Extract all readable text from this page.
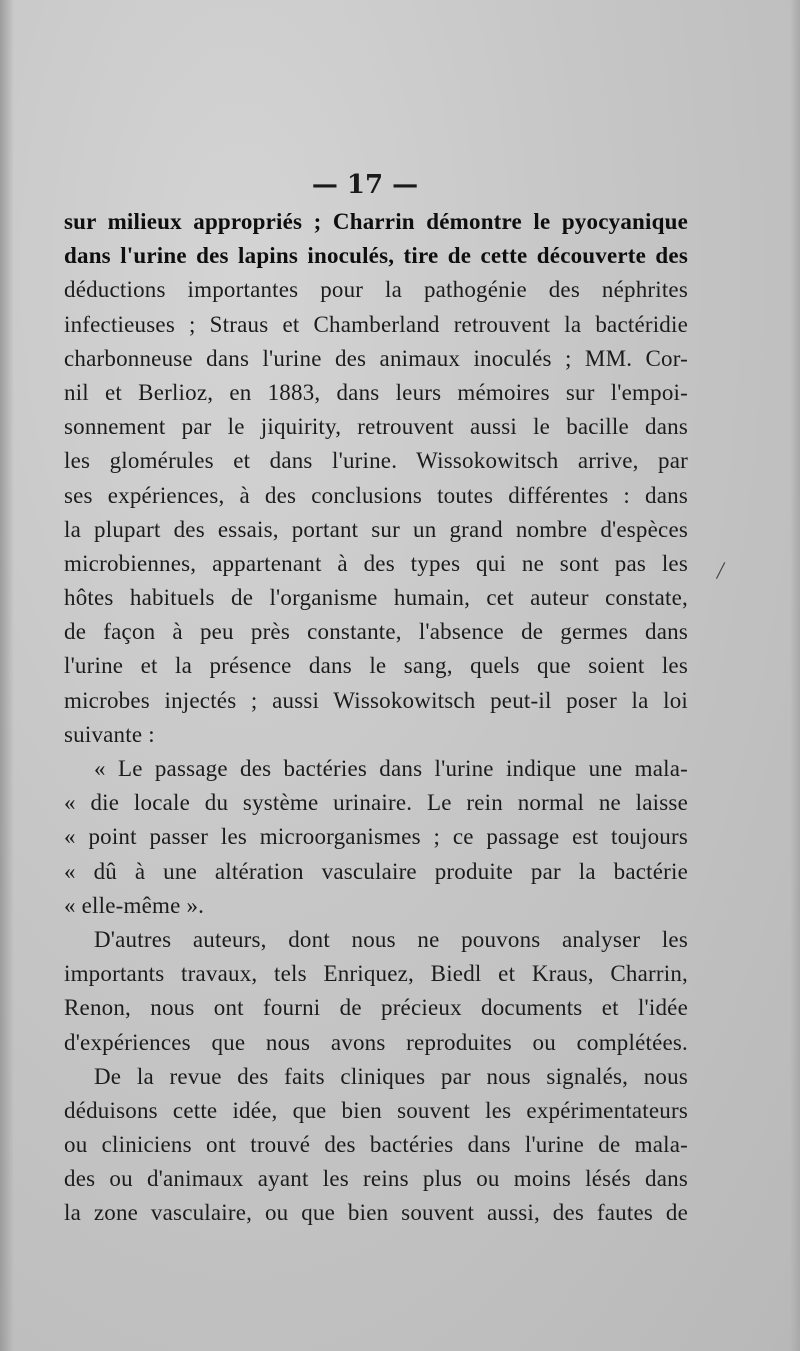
— 17 —
sur milieux appropriés ; Charrin démontre le pyocyanique
dans l'urine des lapins inoculés, tire de cette découverte des
déductions importantes pour la pathogénie des néphrites
infectieuses ; Straus et Chamberland retrouvent la bactéridie
charbonneuse dans l'urine des animaux inoculés ; MM. Cor-
nil et Berlioz, en 1883, dans leurs mémoires sur l'empoi-
sonnement par le jiquirity, retrouvent aussi le bacille dans
les glomérules et dans l'urine. Wissokowitsch arrive, par
ses expériences, à des conclusions toutes différentes : dans
la plupart des essais, portant sur un grand nombre d'espèces
microbiennes, appartenant à des types qui ne sont pas les
hôtes habituels de l'organisme humain, cet auteur constate,
de façon à peu près constante, l'absence de germes dans
l'urine et la présence dans le sang, quels que soient les
microbes injectés ; aussi Wissokowitsch peut-il poser la loi
suivante :
« Le passage des bactéries dans l'urine indique une mala-
« die locale du système urinaire. Le rein normal ne laisse
« point passer les microorganismes ; ce passage est toujours
« dû à une altération vasculaire produite par la bactérie
« elle-même ».
D'autres auteurs, dont nous ne pouvons analyser les
importants travaux, tels Enriquez, Biedl et Kraus, Charrin,
Renon, nous ont fourni de précieux documents et l'idée
d'expériences que nous avons reproduites ou complétées.
De la revue des faits cliniques par nous signalés, nous
déduisons cette idée, que bien souvent les expérimentateurs
ou cliniciens ont trouvé des bactéries dans l'urine de mala-
des ou d'animaux ayant les reins plus ou moins lésés dans
la zone vasculaire, ou que bien souvent aussi, des fautes de
/
